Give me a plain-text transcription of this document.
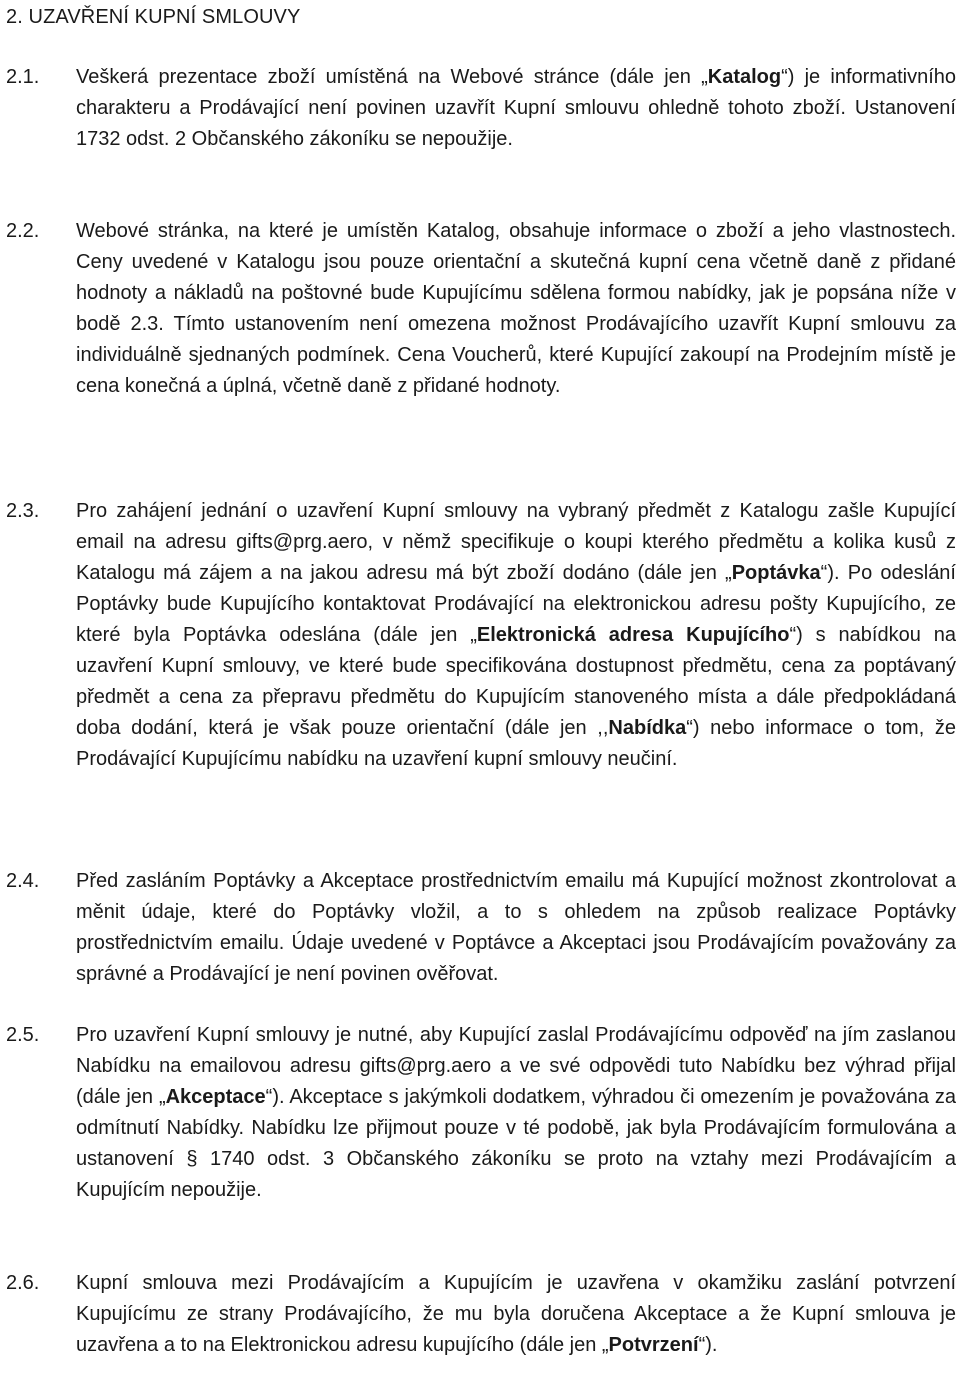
2. UZAVŘENÍ KUPNÍ SMLOUVY
2.1.	Veškerá prezentace zboží umístěná na Webové stránce (dále jen „Katalog“) je informativního charakteru a Prodávající není povinen uzavřít Kupní smlouvu ohledně tohoto zboží. Ustanovení 1732 odst. 2 Občanského zákoníku se nepoužije.

2.2.	Webové stránka, na které je umístěn Katalog, obsahuje informace o zboží a jeho vlastnostech. Ceny uvedené v Katalogu jsou pouze orientační a skutečná kupní cena včetně daně z přidané hodnoty a nákladů na poštovné bude Kupujícímu sdělena formou nabídky, jak je popsána níže v bodě 2.3. Tímto ustanovením není omezena možnost Prodávajícího uzavřít Kupní smlouvu za individuálně sjednaných podmínek. Cena Voucherů, které Kupující zakoupí na Prodejním místě je cena konečná a úplná, včetně daně z přidané hodnoty.

2.3.	Pro zahájení jednání o uzavření Kupní smlouvy na vybraný předmět z Katalogu zašle Kupující email na adresu gifts@prg.aero, v němž specifikuje o koupi kterého předmětu a kolika kusů z Katalogu má zájem a na jakou adresu má být zboží dodáno (dále jen „Poptávka“). Po odeslání Poptávky bude Kupujícího kontaktovat Prodávající na elektronickou adresu pošty Kupujícího, ze které byla Poptávka odeslána (dále jen „Elektronická adresa Kupujícího“) s nabídkou na uzavření Kupní smlouvy, ve které bude specifikována dostupnost předmětu, cena za poptávaný předmět a cena za přepravu předmětu do Kupujícím stanoveného místa a dále předpokládaná doba dodání, která je však pouze orientační (dále jen ,,Nabídka“) nebo informace o tom, že Prodávající Kupujícímu nabídku na uzavření kupní smlouvy neučiní.

2.4.	Před zasláním Poptávky a Akceptace prostřednictvím emailu má Kupující možnost zkontrolovat a měnit údaje, které do Poptávky vložil, a to s ohledem na způsob realizace Poptávky prostřednictvím emailu. Údaje uvedené v Poptávce a Akceptaci jsou Prodávajícím považovány za správné a Prodávající je není povinen ověřovat.

2.5.	Pro uzavření Kupní smlouvy je nutné, aby Kupující zaslal Prodávajícímu odpověď na jím zaslanou Nabídku na emailovou adresu gifts@prg.aero a ve své odpovědi tuto Nabídku bez výhrad přijal (dále jen „Akceptace“). Akceptace s jakýmkoli dodatkem, výhradou či omezením je považována za odmítnutí Nabídky. Nabídku lze přijmout pouze v té podobě, jak byla Prodávajícím formulována a ustanovení § 1740 odst. 3 Občanského zákoníku se proto na vztahy mezi Prodávajícím a Kupujícím nepoužije.

2.6.	Kupní smlouva mezi Prodávajícím a Kupujícím je uzavřena v okamžiku zaslání potvrzení Kupujícímu ze strany Prodávajícího, že mu byla doručena Akceptace a že Kupní smlouva je uzavřena a to na Elektronickou adresu kupujícího (dále jen „Potvrzení“).
